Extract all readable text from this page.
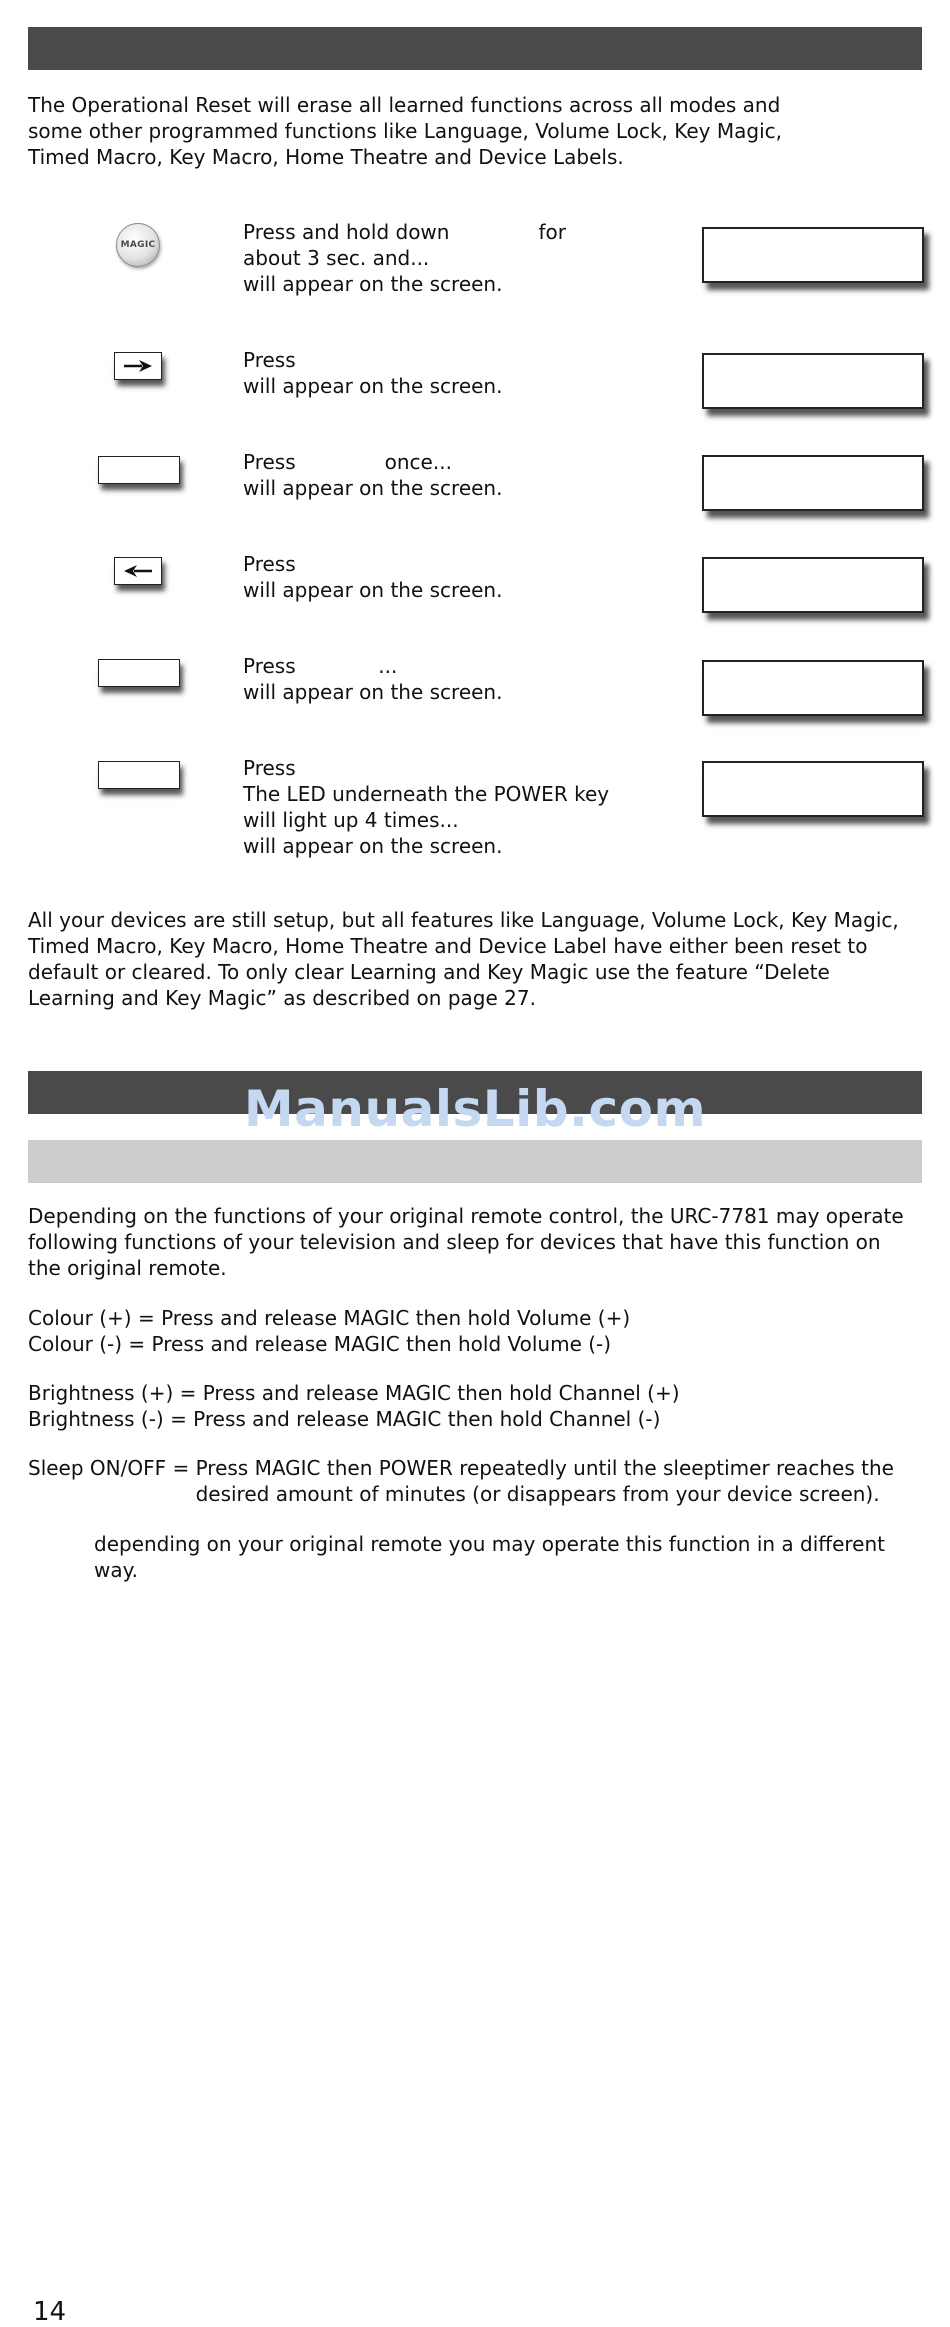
The Operational Reset will erase all learned functions across all modes and
some other programmed functions like Language, Volume Lock, Key Magic,
Timed Macro, Key Macro, Home Theatre and Device Labels.

MAGIC

Press and hold down              for
about 3 sec. and...
will appear on the screen.

Press
will appear on the screen.

Press              once...
will appear on the screen.

Press
will appear on the screen.

Press             ...
will appear on the screen.

Press
The LED underneath the POWER key
will light up 4 times...
will appear on the screen.

All your devices are still setup, but all features like Language, Volume Lock, Key Magic,
Timed Macro, Key Macro, Home Theatre and Device Label have either been reset to
default or cleared. To only clear Learning and Key Magic use the feature “Delete
Learning and Key Magic” as described on page 27.

ManualsLib.com

Depending on the functions of your original remote control, the URC-7781 may operate
following functions of your television and sleep for devices that have this function on
the original remote.

Colour (+) = Press and release MAGIC then hold Volume (+)
Colour (-) = Press and release MAGIC then hold Volume (-)

Brightness (+) = Press and release MAGIC then hold Channel (+)
Brightness (-) = Press and release MAGIC then hold Channel (-)

Sleep ON/OFF = Press MAGIC then POWER repeatedly until the sleeptimer reaches the
desired amount of minutes (or disappears from your device screen).

depending on your original remote you may operate this function in a different
way.

14
